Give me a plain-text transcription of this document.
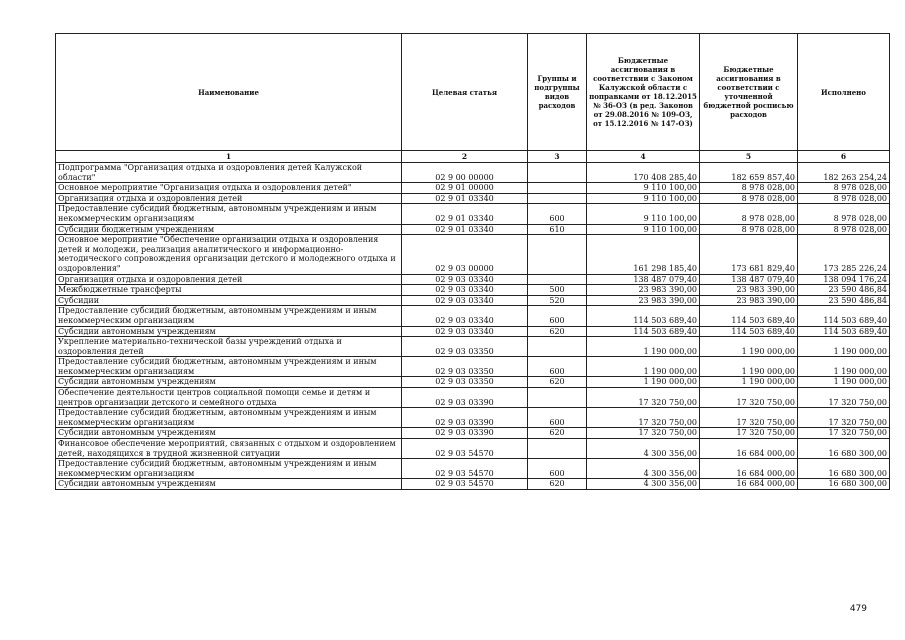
Наименование	Целевая статья	Группы и подгруппы видов расходов	Бюджетные ассигнования в соответствии с Законом Калужской области с поправками от 18.12.2015 № 36-ОЗ (в ред. Законов от 29.08.2016 № 109-ОЗ, от 15.12.2016 № 147-ОЗ)	Бюджетные ассигнования в соответствии с уточненной бюджетной росписью расходов	Исполнено
1	2	3	4	5	6
Подпрограмма "Организация отдыха и оздоровления детей Калужской области"	02 9 00 00000		170 408 285,40	182 659 857,40	182 263 254,24
Основное мероприятие "Организация отдыха и оздоровления детей"	02 9 01 00000		9 110 100,00	8 978 028,00	8 978 028,00
Организация отдыха и оздоровления детей	02 9 01 03340		9 110 100,00	8 978 028,00	8 978 028,00
Предоставление субсидий бюджетным, автономным учреждениям и иным некоммерческим организациям	02 9 01 03340	600	9 110 100,00	8 978 028,00	8 978 028,00
Субсидии бюджетным учреждениям	02 9 01 03340	610	9 110 100,00	8 978 028,00	8 978 028,00
Основное мероприятие "Обеспечение организации отдыха и оздоровления детей и молодежи, реализация аналитического и информационно-методического сопровождения организации детского и молодежного отдыха и оздоровления"	02 9 03 00000		161 298 185,40	173 681 829,40	173 285 226,24
Организация отдыха и оздоровления детей	02 9 03 03340		138 487 079,40	138 487 079,40	138 094 176,24
Межбюджетные трансферты	02 9 03 03340	500	23 983 390,00	23 983 390,00	23 590 486,84
Субсидии	02 9 03 03340	520	23 983 390,00	23 983 390,00	23 590 486,84
Предоставление субсидий бюджетным, автономным учреждениям и иным некоммерческим организациям	02 9 03 03340	600	114 503 689,40	114 503 689,40	114 503 689,40
Субсидии автономным учреждениям	02 9 03 03340	620	114 503 689,40	114 503 689,40	114 503 689,40
Укрепление материально-технической базы учреждений отдыха и оздоровления детей	02 9 03 03350		1 190 000,00	1 190 000,00	1 190 000,00
Предоставление субсидий бюджетным, автономным учреждениям и иным некоммерческим организациям	02 9 03 03350	600	1 190 000,00	1 190 000,00	1 190 000,00
Субсидии автономным учреждениям	02 9 03 03350	620	1 190 000,00	1 190 000,00	1 190 000,00
Обеспечение деятельности центров социальной помощи семье и детям и центров организации детского и семейного отдыха	02 9 03 03390		17 320 750,00	17 320 750,00	17 320 750,00
Предоставление субсидий бюджетным, автономным учреждениям и иным некоммерческим организациям	02 9 03 03390	600	17 320 750,00	17 320 750,00	17 320 750,00
Субсидии автономным учреждениям	02 9 03 03390	620	17 320 750,00	17 320 750,00	17 320 750,00
Финансовое обеспечение мероприятий, связанных с отдыхом и оздоровлением детей, находящихся в трудной жизненной ситуации	02 9 03 54570		4 300 356,00	16 684 000,00	16 680 300,00
Предоставление субсидий бюджетным, автономным учреждениям и иным некоммерческим организациям	02 9 03 54570	600	4 300 356,00	16 684 000,00	16 680 300,00
Субсидии автономным учреждениям	02 9 03 54570	620	4 300 356,00	16 684 000,00	16 680 300,00
479
